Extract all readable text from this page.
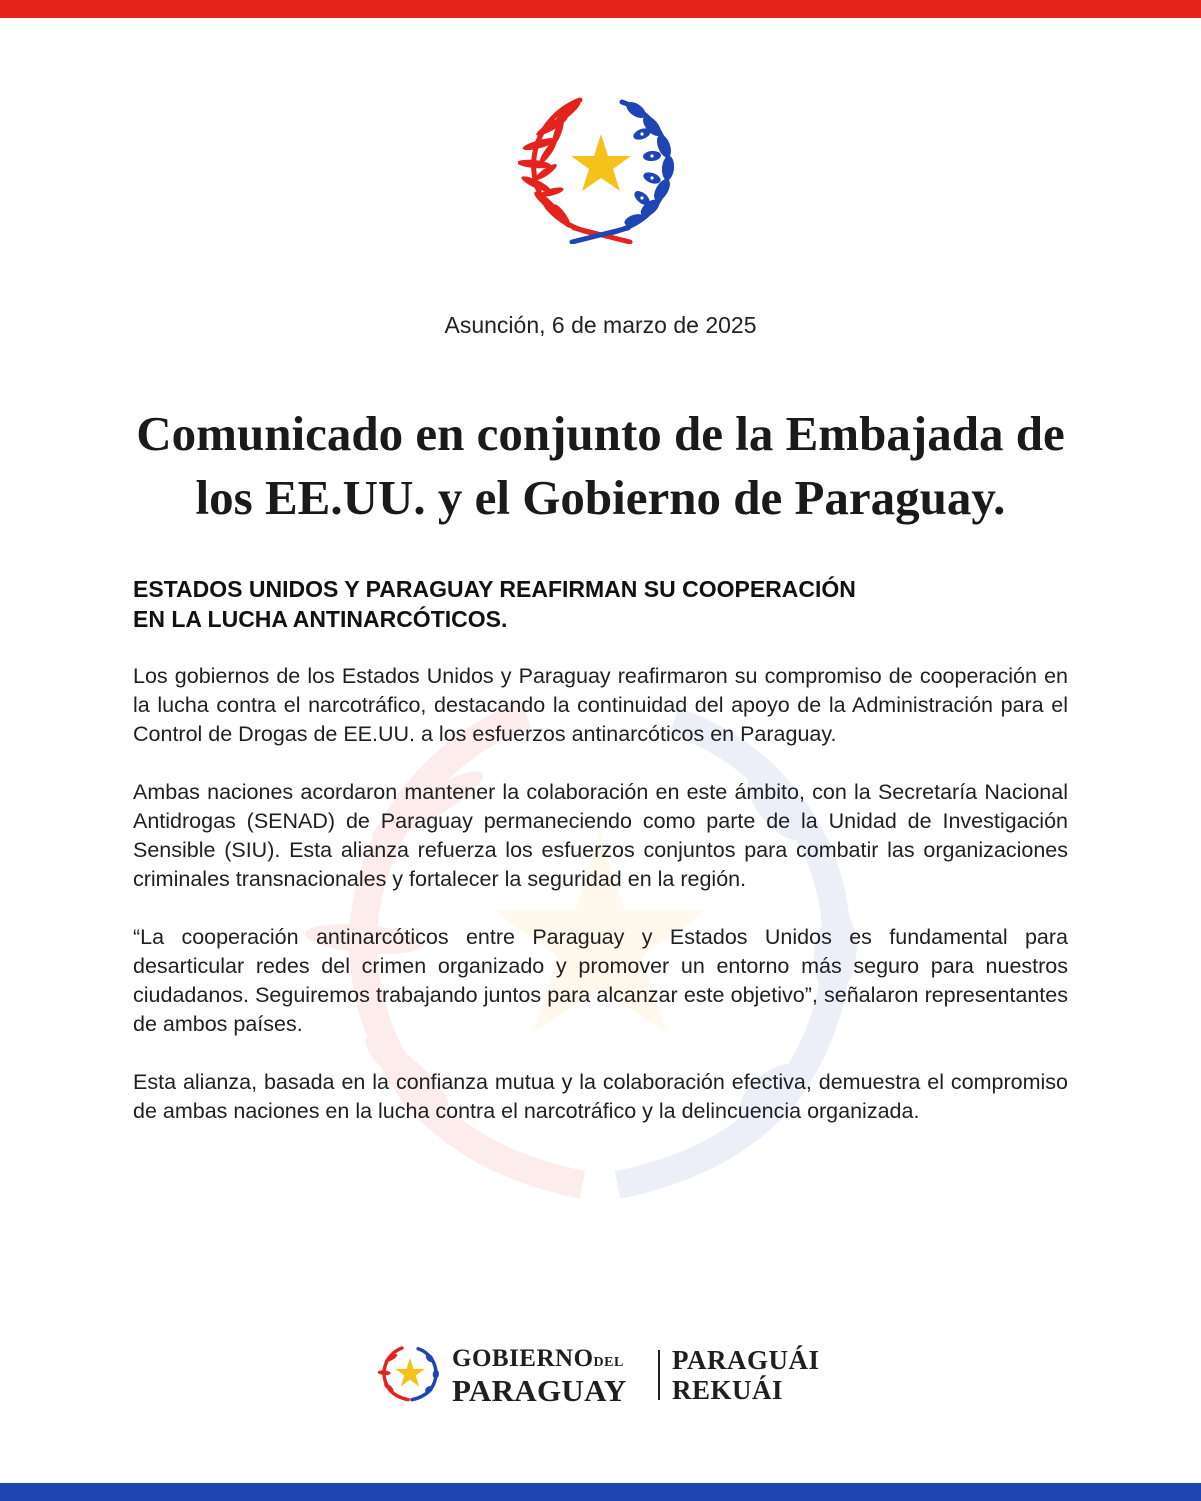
Asunción, 6 de marzo de 2025
Comunicado en conjunto de la Embajada de
los EE.UU. y el Gobierno de Paraguay.
ESTADOS UNIDOS Y PARAGUAY REAFIRMAN SU COOPERACIÓN
EN LA LUCHA ANTINARCÓTICOS.

Los gobiernos de los Estados Unidos y Paraguay reafirmaron su compromiso de cooperación en la lucha contra el narcotráfico, destacando la continuidad del apoyo de la Administración para el Control de Drogas de EE.UU. a los esfuerzos antinarcóticos en Paraguay.

Ambas naciones acordaron mantener la colaboración en este ámbito, con la Secretaría Nacional Antidrogas (SENAD) de Paraguay permaneciendo como parte de la Unidad de Investigación Sensible (SIU). Esta alianza refuerza los esfuerzos conjuntos para combatir las organizaciones criminales transnacionales y fortalecer la seguridad en la región.

“La cooperación antinarcóticos entre Paraguay y Estados Unidos es fundamental para desarticular redes del crimen organizado y promover un entorno más seguro para nuestros ciudadanos. Seguiremos trabajando juntos para alcanzar este objetivo”, señalaron representantes de ambos países.

Esta alianza, basada en la confianza mutua y la colaboración efectiva, demuestra el compromiso de ambas naciones en la lucha contra el narcotráfico y la delincuencia organizada.

GOBIERNODEL
PARAGUAY
PARAGUÁI
REKUÁI
